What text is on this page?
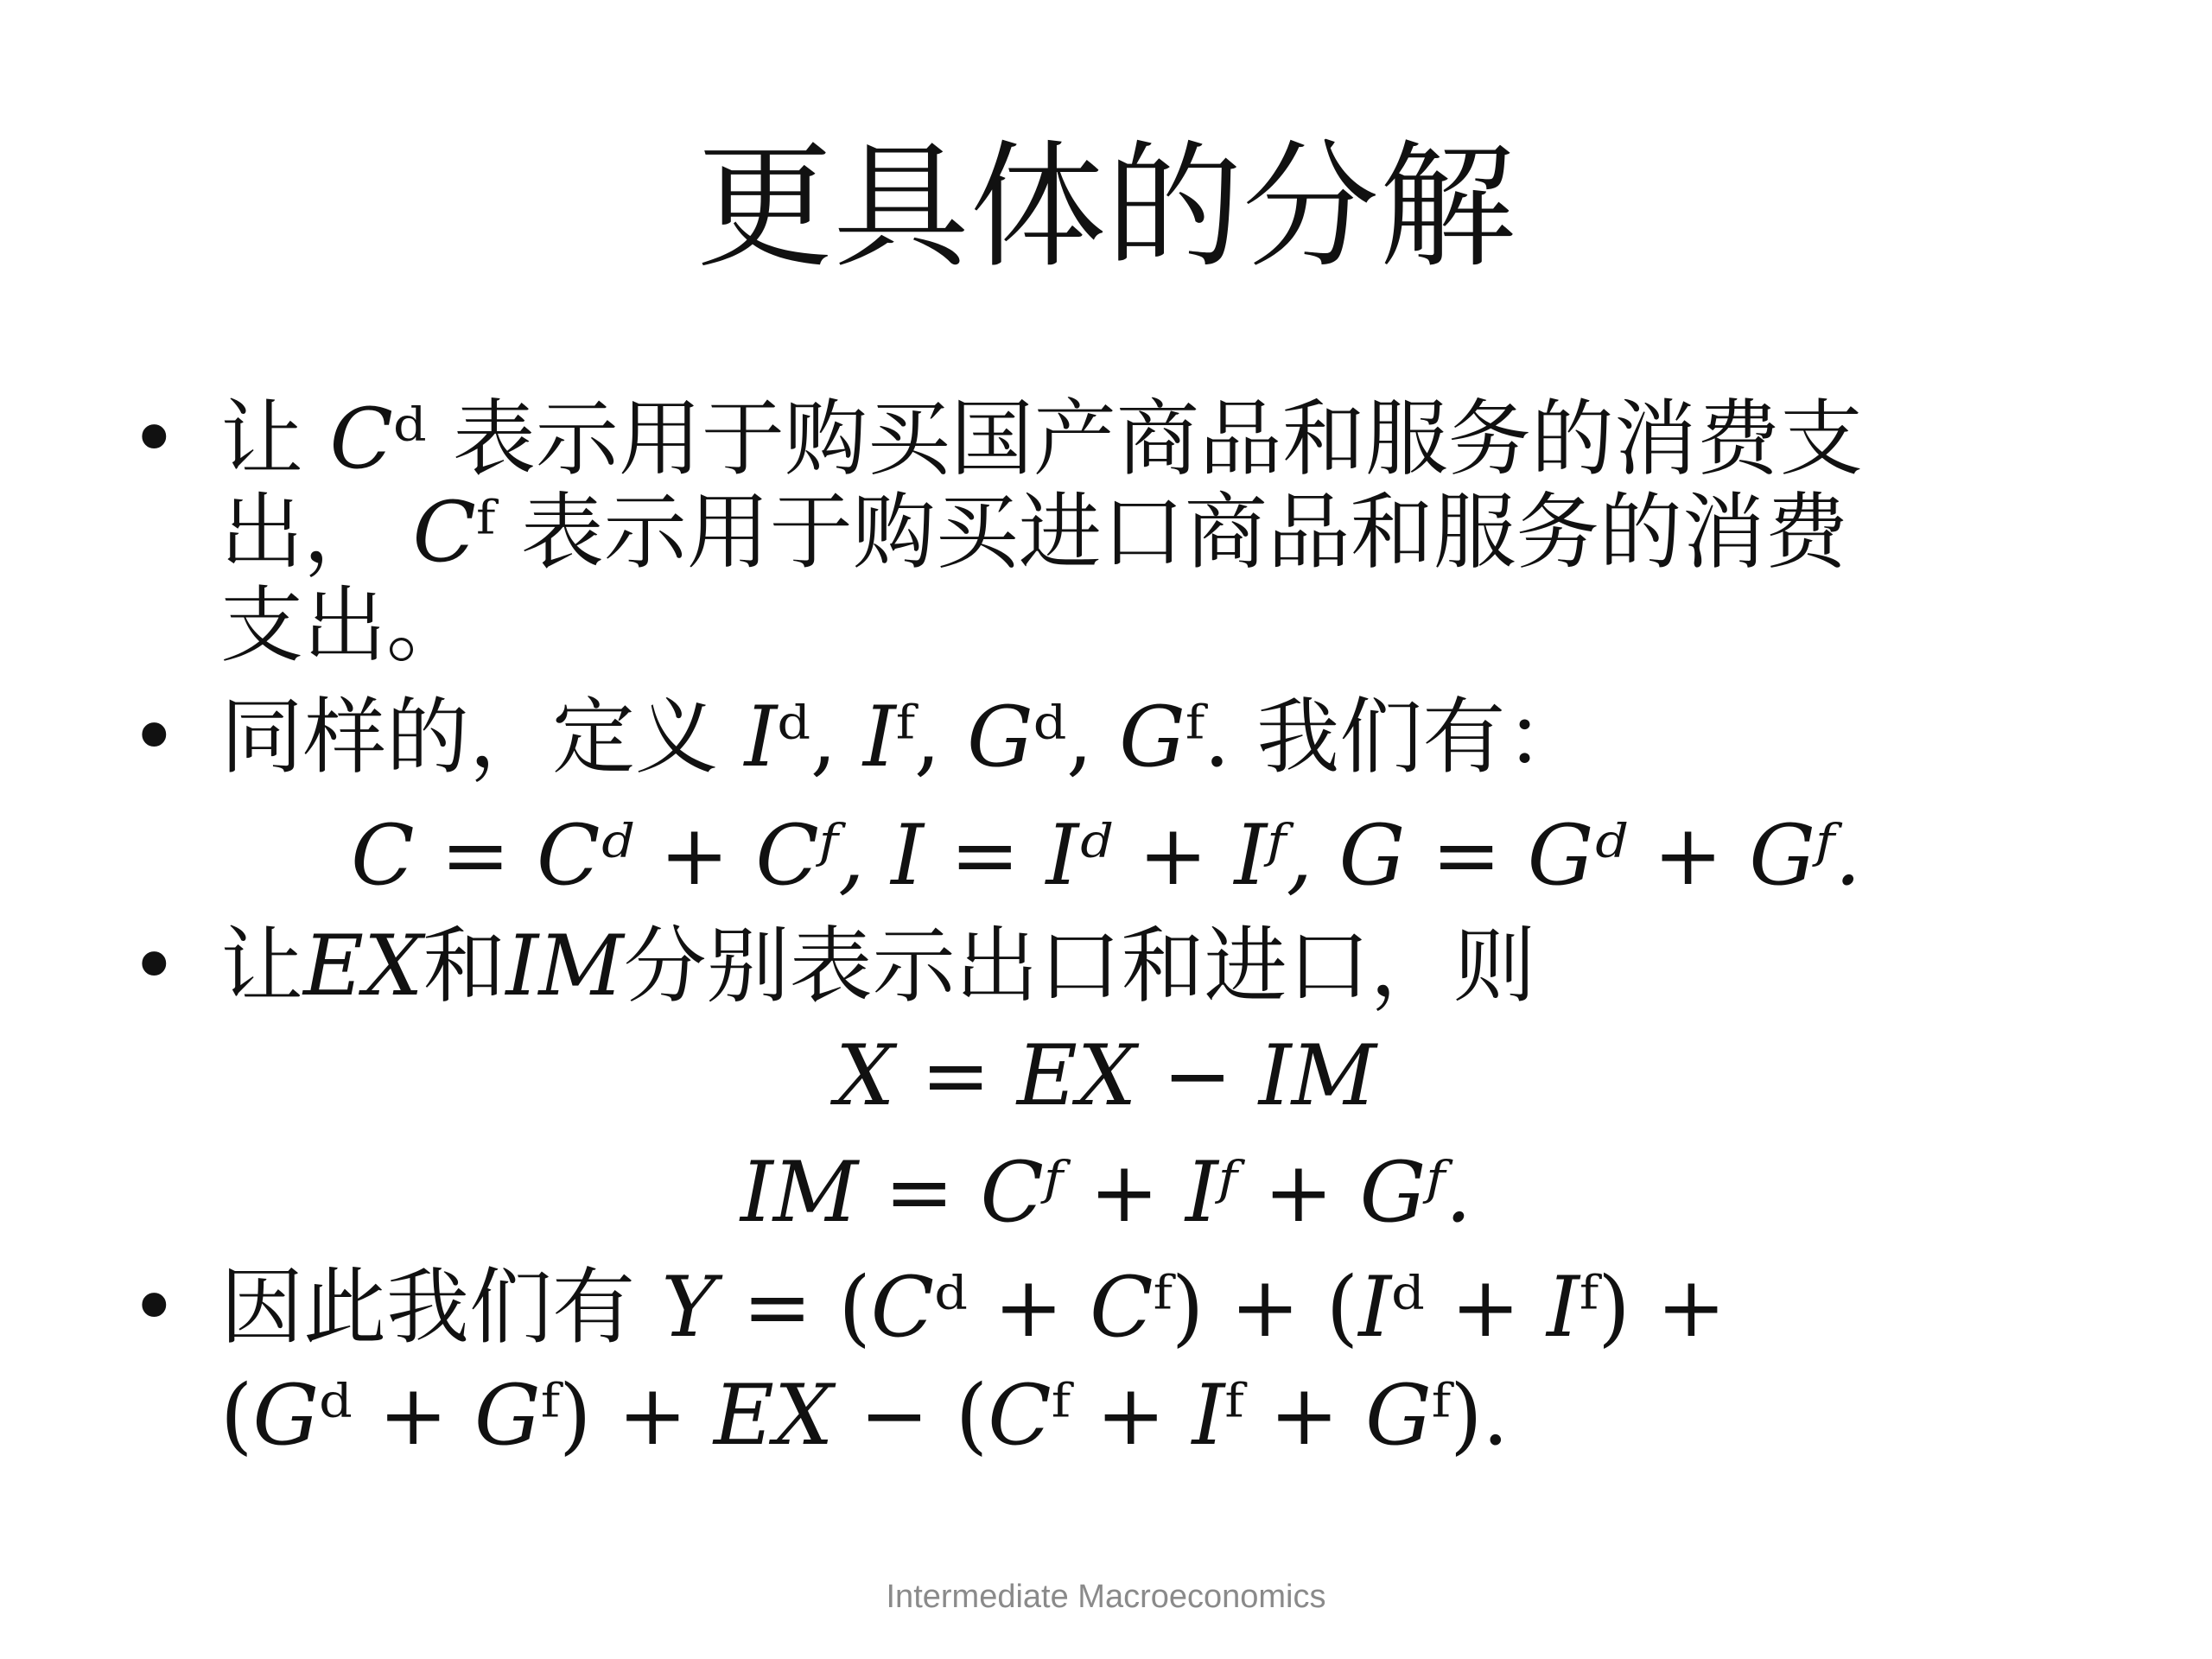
更具体的分解
• 让 𝐶ᵈ 表示用于购买国产商品和服务的消费支
出， 𝐶ᶠ 表示用于购买进口商品和服务的消费
支出。
• 同样的，定义 𝐼ᵈ, 𝐼ᶠ, 𝐺ᵈ, 𝐺ᶠ. 我们有：
𝐶 = 𝐶ᵈ + 𝐶ᶠ, 𝐼 = 𝐼ᵈ + 𝐼ᶠ, 𝐺 = 𝐺ᵈ + 𝐺ᶠ.
• 让𝐸𝑋和𝐼𝑀分别表示出口和进口，则
𝑋 = 𝐸𝑋 − 𝐼𝑀
𝐼𝑀 = 𝐶ᶠ + 𝐼ᶠ + 𝐺ᶠ.
• 因此我们有 𝑌 = (𝐶ᵈ + 𝐶ᶠ) + (𝐼ᵈ + 𝐼ᶠ) +
(𝐺ᵈ + 𝐺ᶠ) + 𝐸𝑋 − (𝐶ᶠ + 𝐼ᶠ + 𝐺ᶠ).
Intermediate Macroeconomics
